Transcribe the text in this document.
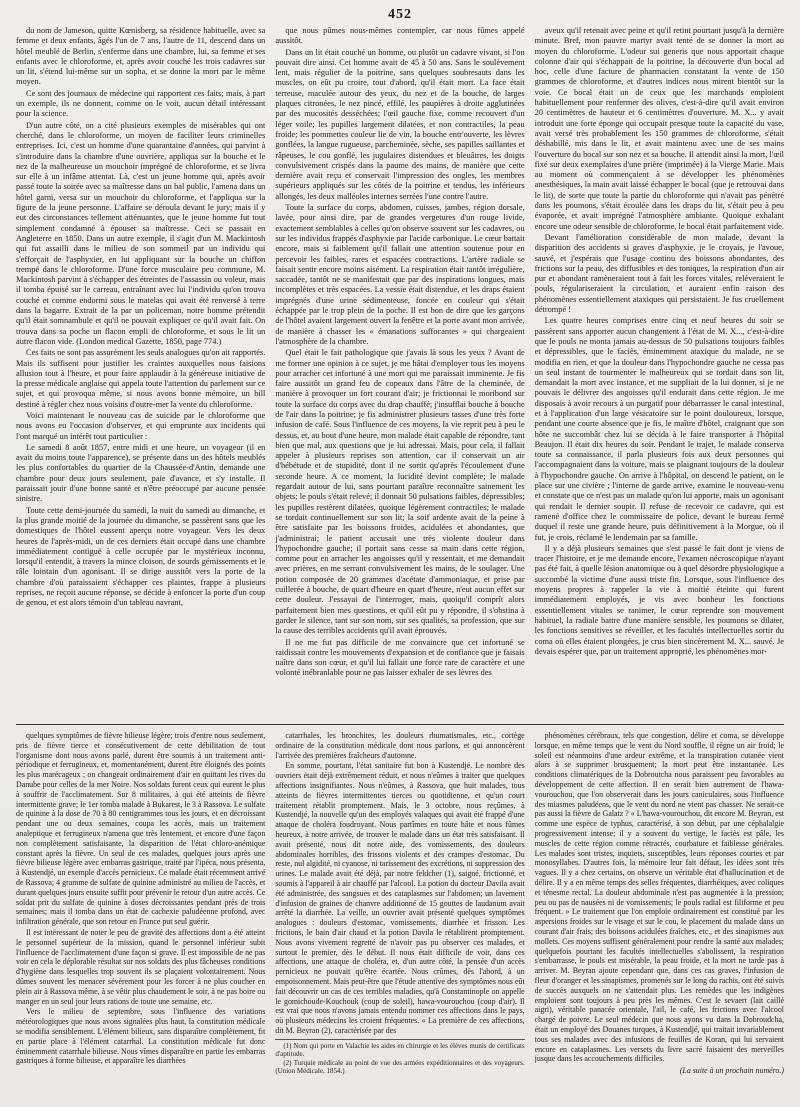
452

du nom de Jameson, quitte Kœnisberg, sa résidence habituelle, avec sa femme et deux enfants, âgés l'un de 7 ans, l'autre de 11, descend dans un hôtel meublé de Berlin, s'enferme dans une chambre, lui, sa femme et ses enfants avec le chloroforme, et, après avoir couché les trois cadavres sur un lit, s'étend lui-même sur un sopha, et se donne la mort par le même moyen.

Ce sont des journaux de médecine qui rapportent ces faits; mais, à part un exemple, ils ne donnent, comme on le voit, aucun détail intéressant pour la science.

D'un autre côté, on a cité plusieurs exemples de misérables qui ont cherché, dans le chloroforme, un moyen de faciliter leurs criminelles entreprises. Ici, c'est un homme d'une quarantaine d'années, qui parvint à s'introduire dans la chambre d'une ouvrière, appliqua sur la bouche et le nez de la malheureuse un mouchoir imprégné de chloroforme, et se livra sur elle à un infâme attentat. Là, c'est un jeune homme qui, après avoir passé toute la soirée avec sa maîtresse dans un bal public, l'amena dans un hôtel garni, versa sur un mouchoir du chloroforme, et l'appliqua sur la figure de la jeune personne. L'affaire se déroula devant le jury; mais il y eut des circonstances tellement atténuantes, que le jeune homme fut tout simplement condamné à épouser sa maîtresse. Ceci se passait en Angleterre en 1850. Dans un autre exemple, il s'agit d'un M. Mackintosh qui fut assailli dans le milieu de son sommeil par un individu qui s'efforçait de l'asphyxier, en lui appliquant sur la bouche un chiffon trempé dans le chloroforme. D'une force musculaire peu commune, M. Mackintosh parvint à s'échapper des étreintes de l'assassin ou voleur, mais il tomba épuisé sur le carreau, entraînant avec lui l'individu qu'on trouva couché et comme endormi sous le matelas qui avait été renversé à terre dans la bagarre. Extrait de la par un policeman, notre homme prétendit qu'il était somnambule et qu'il ne pouvait expliquer ce qu'il avait fait. On trouva dans sa poche un flacon empli de chloroforme, et sous le lit un autre flacon vide. (London medical Gazette, 1850, page 774.)

Ces faits ne sont pas assurément les seuls analogues qu'on ait rapportés. Mais ils suffisent pour justifier les craintes auxquelles nous faisions allusion tout à l'heure, et pour faire applaudir à la généreuse initiative de la presse médicale anglaise qui appela toute l'attention du parlement sur ce sujet, et qui provoqua même, si nous avons bonne mémoire, un bill destiné à régler chez nous voisins d'outre-mer la vente du chloroforme.

Voici maintenant le nouveau cas de suicide par le chloroforme que nous avons eu l'occasion d'observer, et qui emprunte aux incidents qui l'ont marqué un intérêt tout particulier :

Le samedi 8 août 1857, entre midi et une heure, un voyageur (il en avait du moins toute l'apparence), se présente dans un des hôtels meublés les plus confortables du quartier de la Chaussée-d'Antin, demande une chambre pour deux jours seulement, paie d'avance, et s'y installe. Il paraissait jouir d'une bonne santé et n'être préoccupé par aucune pensée sinistre.

Toute cette demi-journée du samedi, la nuit du samedi au dimanche, et la plus grande moitié de la journée du dimanche, se passèrent sans que les domestiques de l'hôtel eussent aperçu notre voyageur. Vers les deux heures de l'après-midi, un de ces derniers était occupé dans une chambre immédiatement contiguë à celle occupée par le mystérieux inconnu, lorsqu'il entendit, à travers la mince cloison, de sourds gémissements et le râle lointain d'un agonisant. Il se dirige aussitôt vers la porte de la chambre d'où paraissaient s'échapper ces plaintes, frappe à plusieurs reprises, ne reçoit aucune réponse, se décide à enfoncer la porte d'un coup de genou, et est alors témoin d'un tableau navrant,

que nous pûmes nous-mêmes contempler, car nous fûmes appelé aussitôt.

Dans un lit était couché un homme, ou plutôt un cadavre vivant, si l'on pouvait dire ainsi. Cet homme avait de 45 à 50 ans. Sans le soulèvement lent, mais régulier de la poitrine, sans quelques soubresauts dans les muscles, on eût pu croire, tout d'abord, qu'il était mort. La face était terreuse, maculée autour des yeux, du nez et de la bouche, de larges plaques citronées, le nez pincé, effilé, les paupières à droite agglutinées par des mucosités desséchées; l'œil gauche fixe, comme recouvert d'un léger voile; les pupilles largement dilatées, et non contractiles, la peau froide; les pommettes couleur lie de vin, la bouche entr'ouverte, les lèvres gonflées, la langue rugueuse, parcheminée, sèche, ses papilles saillantes et râpeuses, le cou gonflé, les jugulaires distendues et bleuâtres, les doigts convulsivement crispés dans la paume des mains, de manière que cette dernière avait reçu et conservait l'impression des ongles, les membres supérieurs appliqués sur les côtés de la poitrine et tendus, les inférieurs allongés, les deux malléoles internes serrées l'une contre l'autre.

Toute la surface du corps, abdomen, cuisses, jambes, région dorsale, lavée, pour ainsi dire, par de grandes vergetures d'un rouge livide, exactement semblables à celles qu'on observe souvent sur les cadavres, ou sur les individus frappés d'asphyxie par l'acide carbonique. Le cœur battait encore, mais si faiblement qu'il fallait une attention soutenue pour en percevoir les faibles, rares et espacées contractions. L'artère radiale se faisait sentir encore moins aisément. La respiration était tantôt irrégulière, saccadée, tantôt ne se manifestait que par des inspirations longues, mais incomplètes et très espacées. La vessie était distendue, et les draps étaient imprégnés d'une urine sédimenteuse, foncée en couleur qui s'était échappée par le trop plein de la poche. Il est bon de dire que les garçons de l'hôtel avaient largement ouvert la fenêtre et la porte avant mon arrivée, de manière à chasser les « émanations suffocantes » qui chargeaient l'atmosphère de la chambre.

Quel était le fait pathologique que j'avais là sous les yeux ? Avant de me former une opinion à ce sujet, je me hâtai d'employer tous les moyens pour arracher cet infortuné à une mort qui me paraissait imminente. Je fis faire aussitôt un grand feu de copeaux dans l'âtre de la cheminée, de manière à provoquer un fort courant d'air; je frictionnai le moribond sur toute la surface du corps avec du drap chauffé; j'insufflai bouche à bouche de l'air dans la poitrine; je fis administrer plusieurs tasses d'une très forte infusion de café. Sous l'influence de ces moyens, la vie reprit peu à peu le dessus, et, au bout d'une heure, mon malade était capable de répondre, tant bien que mal, aux questions que je lui adressai. Mais, pour cela, il fallait appeler à plusieurs reprises son attention, car il conservait un air d'hébétude et de stupidité, dont il ne sortit qu'après l'écoulement d'une seconde heure. A ce moment, la lucidité devint complète; le malade regardait autour de lui, sans pourtant paraître reconnaître sainement les objets; le pouls s'était relevé; il donnait 50 pulsations faibles, dépressibles; les pupilles restèrent dilatées, quoique légèrement contractiles; le malade se tordait continuellement sur son lit; la soif ardente avait de la peine à être satisfaite par les boissons froides, acidulées et abondantes, que j'administrai; le patient accusait une très violente douleur dans l'hypochondre gauche; il portait sans cesse sa main dans cette région, comme pour en arracher les angoisses qu'il y ressentait, et me demandait avec prières, en me serrant convulsivement les mains, de le soulager. Une potion composée de 20 grammes d'acétate d'ammoniaque, et prise par cuillerée à bouche, de quart d'heure en quart d'heure, n'eut aucun effet sur cette douleur. J'essayai de l'interroger, mais, quoiqu'il comprît alors parfaitement bien mes questions, et qu'il eût pu y répondre, il s'obstina à garder le silence, tant sur son nom, sur ses qualités, sa profession, que sur la cause des terribles accidents qu'il avait éprouvés.

Il ne me fut pas difficile de me convaincre que cet infortuné se raidissait contre les mouvements d'expansion et de confiance que je faisais naître dans son cœur, et qu'il lui fallait une force rare de caractère et une volonté inébranlable pour ne pas laisser exhaler de ses lèvres des

aveux qu'il retenait avec peine et qu'il retint pourtant jusqu'à la dernière minute. Bref, mon pauvre martyr avait tenté de se donner la mort au moyen du chloroforme. L'odeur sui generis que nous apportait chaque colonne d'air qui s'échappait de la poitrine, la découverte d'un bocal ad hoc, celle d'une facture de pharmacien constatant la vente de 150 grammes de chloroforme, et d'autres indices nous mirent bientôt sur la voie. Ce bocal était un de ceux que les marchands emploient habituellement pour renfermer des olives, c'est-à-dire qu'il avait environ 20 centimètres de hauteur et 6 centimètres d'ouverture. M. X... y avait introduit une forte éponge qui occupait presque toute la capacité du vase, avait versé très probablement les 150 grammes de chloroforme, s'était déshabillé, mis dans le lit, et avait maintenu avec une de ses mains l'ouverture du bocal sur son nez et sa bouche. Il attendit ainsi la mort, l'œil fixé sur deux exemplaires d'une prière (imprimée) à la Vierge Marie. Mais au moment où commençaient à se développer les phénomènes anesthésiques, la main avait laissé échapper le bocal (que je retrouvai dans le lit), de sorte que toute la partie du chloroforme qui n'avait pas pénétré dans les poumons, s'était écoulée dans les draps du lit, s'était peu à peu évaporée, et avait imprégné l'atmosphère ambiante. Quoique exhalant encore une odeur sensible de chloroforme, le bocal était parfaitement vide.

Devant l'amélioration considérable de mon malade, devant la disparition des accidents si graves d'asphyxie, je le croyais, je l'avoue, sauvé, et j'espérais que l'usage continu des boissons abondantes, des frictions sur la peau, des diffusibles et des toniques, la respiration d'un air pur et abondant ramèneraient tout à fait les forces vitales, relèveraient le pouls, régulariseraient la circulation, et auraient enfin raison des phénomènes essentiellement ataxiques qui persistaient. Je fus cruellement détrompé !

Les quatre heures comprises entre cinq et neuf heures du soir se passèrent sans apporter aucun changement à l'état de M. X..., c'est-à-dire que le pouls ne monta jamais au-dessus de 50 pulsations toujours faibles et dépressibles, que le faciès, éminemment ataxique du malade, ne se modifia en rien, et que la douleur dans l'hypochondre gauche ne cessa pas un seul instant de tourmenter le malheureux qui se tordait dans son lit, demandait la mort avec instance, et me suppliait de la lui donner, si je ne pouvais le délivrer des angoisses qu'il endurait dans cette région. Je me disposais à avoir recours à un purgatif pour débarrasser le canal intestinal, et à l'application d'un large vésicatoire sur le point douloureux, lorsque, pendant une courte absence que je fis, le maître d'hôtel, craignant que son hôte ne succombât chez lui se décida à le faire transporter à l'hôpital Beaujon. Il était dix heures du soir. Pendant le trajet, le malade conserva toute sa connaissance, il parla plusieurs fois aux deux personnes qui l'accompagnaient dans la voiture, mais se plaignant toujours de la douleur à l'hypochondre gauche. On arrive à l'hôpital, on descend le patient, on le place sur une civière ; l'interne de garde arrive, examine le nouveau-venu et constate que ce n'est pas un malade qu'on lui apporte, mais un agonisant qui rendait le dernier soupir. Il refuse de recevoir ce cadavre, qui est ramené d'office chez le commissaire de police, devant le bureau fermé duquel il reste une grande heure, puis définitivement à la Morgue, où il fut, je crois, réclamé le lendemain par sa famille.

Il y a déjà plusieurs semaines que s'est passé le fait dont je viens de tracer l'histoire, et je me demande encore, l'examen nécroscopique n'ayant pas été fait, à quelle lésion anatomique ou à quel désordre physiologique a succombé la victime d'une aussi triste fin. Lorsque, sous l'influence des moyens propres à rappeler la vie à moitié éteinte qui furent immédiatement employés, je vis avec bonheur les fonctions essentiellement vitales se ranimer, le cœur reprendre son mouvement habituel, la radiale battre d'une manière sensible, les poumons se dilater, les fonctions sensitives se réveiller, et les facultés intellectuelles sortir du coma où elles étaient plongées, je crus bien sincèrement M. X... sauvé. Je devais espérer que, par un traitement approprié, les phénomènes mor-

quelques symptômes de fièvre bilieuse légère; trois d'entre nous seulement, pris de fièvre tierce et consécutivement de cette débilitation de tout l'organisme dont nous avons parlé, durent être soumis à un traitement anti-périodique et ferrugineux, et, momentanément, durent être éloignés des points les plus marécageux ; on changeait ordinairement d'air en quittant les rives du Danube pour celles de la mer Noire. Nos soldats furent ceux qui eurent le plus à souffrir de l'acclimatement. Sur 8 militaires, à qui été atteints de fièvre intermittente grave; le 1er tomba malade à Bukarest, le 3 à Rassova. Le sulfate de quinine à la dose de 70 à 80 centigrammes tous les jours, et en décroissant pendant une ou deux semaines, coupa les accès, mais un traitement analeptique et ferrugineux n'amena que très lentement, et encore d'une façon non complètement satisfaisante, la disparition de l'état chloro-anémique constant après la fièvre. Un seul de ces malades, quelques jours après une fièvre bilieuse légère avec embarras gastrique, traité par l'ipéca, nous présenta, à Kustendjé, un exemple d'accès pernicieux. Ce malade était récemment arrivé de Rassova; 4 gramme de sulfate de quinine administré au milieu de l'accès, et durant quelques jours ensuite suffit pour prévenir le retour d'un autre accès. Ce soldat prit du sulfate de quinine à doses décroissantes pendant près de trois semaines; mais il tomba dans un état de cachexie paludéenne profond, avec infiltration générale, que son retour en France put seul guérir.

Il est intéressant de noter le peu de gravité des affections dont a été atteint le personnel supérieur de la mission, quand le personnel inférieur subit l'influence de l'acclimatement d'une façon si grave. Il est impossible de ne pas voir en cela le déplorable résultat sur nos soldats des plus fâcheuses conditions d'hygiène dans lesquelles trop souvent ils se plaçaient volontairement. Nous dûmes souvent les menacer sévèrement pour les forcer à ne plus coucher en plein air à Rassova même, à se vêtir plus chaudement le soir, à ne pas boire ou manger en un seul jour leurs rations de toute une semaine, etc.

Vers le milieu de septembre, sous l'influence des variations météorologiques que nous avons signalées plus haut, la constitution médicale se modifia sensiblement. L'élément bilieux, sans disparaître complètement, fit en partie place à l'élément catarrhal. La constitution médicale fut donc éminemment catarrhale bilieuse. Nous vîmes disparaître en partie les embarras gastriques à forme bilieuse, et apparaître les diarrhées

catarrhales, les bronchites, les douleurs rhumatismales, etc., cortège ordinaire de la constitution médicale dont nous parlons, et qui annoncèrent l'arrivée des premières fraîcheurs d'automne.

En somme, pourtant, l'état sanitaire fut bon à Kustendjé. Le nombre des ouvriers était déjà extrêmement réduit, et nous n'eûmes à traiter que quelques affections insignifiantes. Nous n'eûmes, à Rassova, que huit malades, tous atteints de fièvres intermittentes tierces ou quotidienne, et qu'un court traitement rétablit promptement. Mais, le 3 octobre, nous reçûmes, à Kustendjé, la nouvelle qu'un des employés valaques qui avait été frappé d'une attaque de choléra foudroyant. Nous partîmes en toute hâte et nous fûmes heureux, à notre arrivée, de trouver le malade dans un état très satisfaisant. Il avait présenté, nous dit notre aide, des vomissements, des douleurs abdominales horribles, des frissons violents et des crampes d'estomac. Du reste, nul algidité, ni cyanose, ni tarissement des excrétions, ni suppression des urines. Le malade avait été déjà, par notre feldcher (1), saigné, frictionné, et soumis à l'appareil à air chauffé par l'alcool. La potion du docteur Davila avait été administrée, des sangsues et des cataplasmes sur l'abdomen; un lavement d'infusion de graines de chanvre additionné de 15 gouttes de laudanum avait arrêté la diarrhée. La veille, un ouvrier avait présenté quelques symptômes analogues : douleurs d'estomac, vomissements, diarrhée et frisson. Les frictions, le bain d'air chaud et la potion Davila le rétablirent promptement. Nous avons vivement regretté de n'avoir pas pu observer ces malades, et surtout le premier, dès le début. Il nous était difficile de voir, dans ces affections, une attaque de choléra, et, d'un autre côté, la pensée d'un accès pernicieux ne pouvait qu'être écartée. Nous crûmes, dès l'abord, à un empoisonnement. Mais peut-être que l'étude attentive des symptômes nous eût fait découvrir un cas de ces terribles maladies, qu'à Constantinople on appelle le gomichoude-Kouchouk (coup de soleil), hawa-vourouchou (coup d'air). Il est vrai que nous n'avons jamais entendu nommer ces affections dans le pays, où plusieurs médecins les croient fréquentes. « La première de ces affections, dit M. Beyran (2), caractérisée par des

(1) Nom qui porte en Valachie les aides en chirurgie et les élèves munis de certificats d'aptitude.
(2) Turquie médicale au point de vue des armées expéditionnaires et des voyageurs. (Union Médicale, 1854.)

phénomènes cérébraux, tels que congestion, délire et coma, se développe lorsque, en même temps que le vent du Nord souffle, il règne un air froid; le soleil est néanmoins d'une ardeur extrême, et la transpiration cutanée vient alors à se supprimer brusquement; la mort peut être instantanée. Les conditions climatériques de la Dobroutcha nous paraissent peu favorables au développement de cette affection. Il en serait bien autrement de l'hawa-vourouchou, que l'on observerait dans les jours caniculaires, sous l'influence des miasmes paludéens, que le vent du nord ne vient pas chasser. Ne serait-ce pas aussi la fièvre de Galatz ? « L'hawa-vourouchou, dit encore M. Beyran, est comme une espèce de typhus, caractérisé, à son début, par une céphalalgie progressivement intense; il y a souvent du vertige, le faciès est pâle, les muscles de cette région comme rétractés, courbature et faiblesse générales. Les malades sont tristes, inquiets, susceptibles, leurs réponses courtes et par monosyllabes. D'autres fois, la mémoire leur fait défaut, les idées sont très vagues. Il y a chez certains, on observe un véritable état d'hallucination et de délire. Il y a en même temps des selles fréquentes, diarrhéiques, avec coliques et ténesme rectal. La douleur abdominale n'est pas augmentée à la pression; peu ou pas de nausées ni de vomissements; le pouls radial est filiforme et peu fréquent. » Le traitement que l'on emploie ordinairement est constitué par les aspersions froides sur le visage et sur le cou, le placement du malade dans un courant d'air frais; des boissons acidulées fraîches, etc., et des sinapismes aux mollets. Ces moyens suffisent généralement pour rendre la santé aux malades; quelquefois pourtant les facultés intellectuelles s'abolissent, la respiration s'embarrasse, le pouls est misérable, la peau froide, et la mort ne tarde pas à arriver. M. Beyran ajoute cependant que, dans ces cas graves, l'infusion de fleur d'oranger et les sinapismes, promenés sur le long du rachis, ont été suivis de succès auxquels on ne s'attendait plus. Les remèdes que les indigènes emploient sont toujours à peu près les mêmes. C'est le sevaert (lait caillé aigri), véritable panacée orientale, l'ail, le café, les frictions avec l'alcool chargé de poivre. Le seul médecin que nous ayons vu dans la Dobroudcha, était un employé des Douanes turques, à Kustendjé, qui traitait invariablement tous ses malades avec des infusions de feuilles de Koran, qui lui servaient encore en cataplasmes. Les versets du livre sacré faisaient des merveilles jusque dans les accouchements difficiles.

(La suite à un prochain numéro.)
